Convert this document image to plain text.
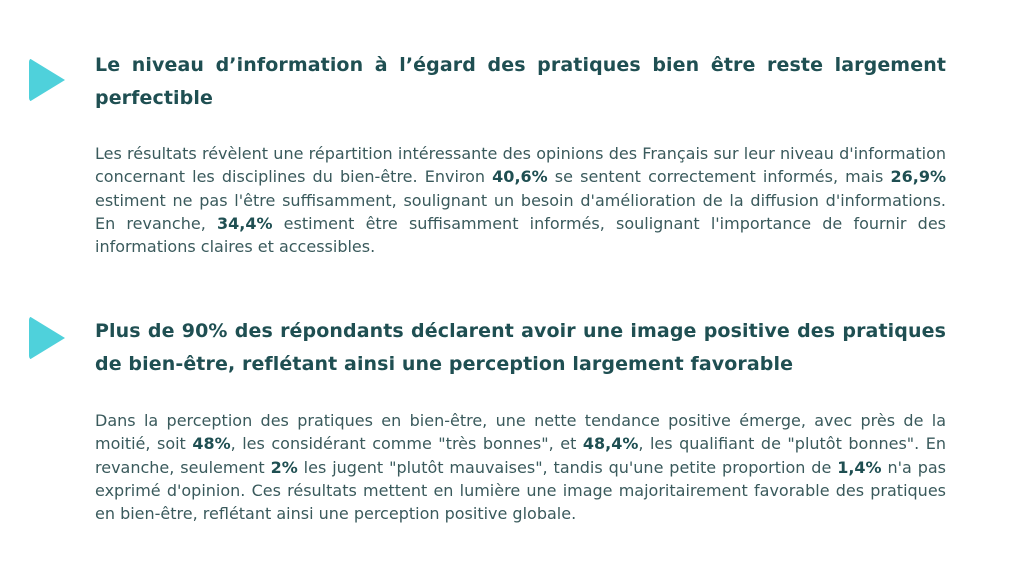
Le niveau d’information à l’égard des pratiques bien être reste largement perfectible

Les résultats révèlent une répartition intéressante des opinions des Français sur leur niveau d'information concernant les disciplines du bien-être. Environ 40,6% se sentent correctement informés, mais 26,9% estiment ne pas l'être suffisamment, soulignant un besoin d'amélioration de la diffusion d'informations. En revanche, 34,4% estiment être suffisamment informés, soulignant l'importance de fournir des informations claires et accessibles.

Plus de 90% des répondants déclarent avoir une image positive des pratiques de bien-être, reflétant ainsi une perception largement favorable

Dans la perception des pratiques en bien-être, une nette tendance positive émerge, avec près de la moitié, soit 48%, les considérant comme "très bonnes", et 48,4%, les qualifiant de "plutôt bonnes". En revanche, seulement 2% les jugent "plutôt mauvaises", tandis qu'une petite proportion de 1,4% n'a pas exprimé d'opinion. Ces résultats mettent en lumière une image majoritairement favorable des pratiques en bien-être, reflétant ainsi une perception positive globale.
